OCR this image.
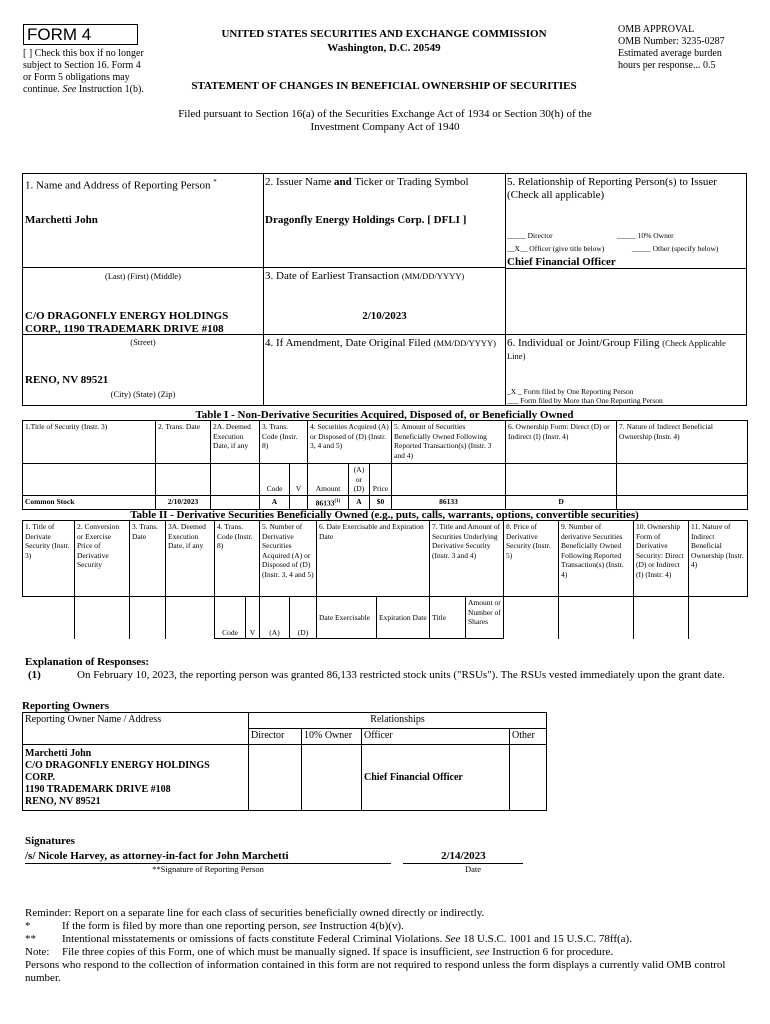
FORM 4
[ ] Check this box if no longer subject to Section 16. Form 4 or Form 5 obligations may continue. See Instruction 1(b).
UNITED STATES SECURITIES AND EXCHANGE COMMISSION
Washington, D.C. 20549
STATEMENT OF CHANGES IN BENEFICIAL OWNERSHIP OF SECURITIES
OMB APPROVAL
OMB Number: 3235-0287
Estimated average burden
hours per response... 0.5
Filed pursuant to Section 16(a) of the Securities Exchange Act of 1934 or Section 30(h) of the Investment Company Act of 1940
1. Name and Address of Reporting Person *
Marchetti John
(Last) (First) (Middle)
C/O DRAGONFLY ENERGY HOLDINGS CORP., 1190 TRADEMARK DRIVE #108
(Street)
RENO, NV 89521
(City) (State) (Zip)
2. Issuer Name and Ticker or Trading Symbol
Dragonfly Energy Holdings Corp. [ DFLI ]
3. Date of Earliest Transaction (MM/DD/YYYY)
2/10/2023
4. If Amendment, Date Original Filed (MM/DD/YYYY)
5. Relationship of Reporting Person(s) to Issuer (Check all applicable)
_____ Director	_____ 10% Owner
__X__ Officer (give title below)	_____ Other (specify below)
Chief Financial Officer
6. Individual or Joint/Group Filing (Check Applicable Line)
_X _ Form filed by One Reporting Person
___ Form filed by More than One Reporting Person
Table I - Non-Derivative Securities Acquired, Disposed of, or Beneficially Owned
1.Title of Security (Instr. 3)	2. Trans. Date	2A. Deemed Execution Date, if any	3. Trans. Code (Instr. 8)		4. Securities Acquired (A) or Disposed of (D) (Instr. 3, 4 and 5)			5. Amount of Securities Beneficially Owned Following Reported Transaction(s) (Instr. 3 and 4)	6. Ownership Form: Direct (D) or Indirect (I) (Instr. 4)	7. Nature of Indirect Beneficial Ownership (Instr. 4)
			Code	V	Amount	(A) or (D)	Price			
Common Stock	2/10/2023		A		86133$^{(1)}$	A	$0	86133	D	
Table II - Derivative Securities Beneficially Owned (e.g., puts, calls, warrants, options, convertible securities)
1. Title of Derivate Security (Instr. 3)	2. Conversion or Exercise Price of Derivative Security	3. Trans. Date	3A. Deemed Execution Date, if any	4. Trans. Code (Instr. 8)		5. Number of Derivative Securities Acquired (A) or Disposed of (D) (Instr. 3, 4 and 5)		6. Date Exercisable and Expiration Date		7. Title and Amount of Securities Underlying Derivative Security (Instr. 3 and 4)		8. Price of Derivative Security (Instr. 5)	9. Number of derivative Securities Beneficially Owned Following Reported Transaction(s) (Instr. 4)	10. Ownership Form of Derivative Security: Direct (D) or Indirect (I) (Instr. 4)	11. Nature of Indirect Beneficial Ownership (Instr. 4)
				Code	V	(A)	(D)	Date Exercisable	Expiration Date	Title	Amount or Number of Shares				
Explanation of Responses:
(1)	On February 10, 2023, the reporting person was granted 86,133 restricted stock units ("RSUs"). The RSUs vested immediately upon the grant date.
Reporting Owners
Reporting Owner Name / Address	Relationships			
	Director	10% Owner	Officer	Other

Marchetti John
C/O DRAGONFLY ENERGY HOLDINGS
CORP.
1190 TRADEMARK DRIVE #108
RENO, NV 89521			Chief Financial Officer	
Signatures
/s/ Nicole Harvey, as attorney-in-fact for John Marchetti	2/14/2023
**Signature of Reporting Person	Date
Reminder: Report on a separate line for each class of securities beneficially owned directly or indirectly.
*	If the form is filed by more than one reporting person, see Instruction 4(b)(v).
** Intentional misstatements or omissions of facts constitute Federal Criminal Violations. See 18 U.S.C. 1001 and 15 U.S.C. 78ff(a).
Note: File three copies of this Form, one of which must be manually signed. If space is insufficient, see Instruction 6 for procedure.
Persons who respond to the collection of information contained in this form are not required to respond unless the form displays a currently valid OMB control number.
